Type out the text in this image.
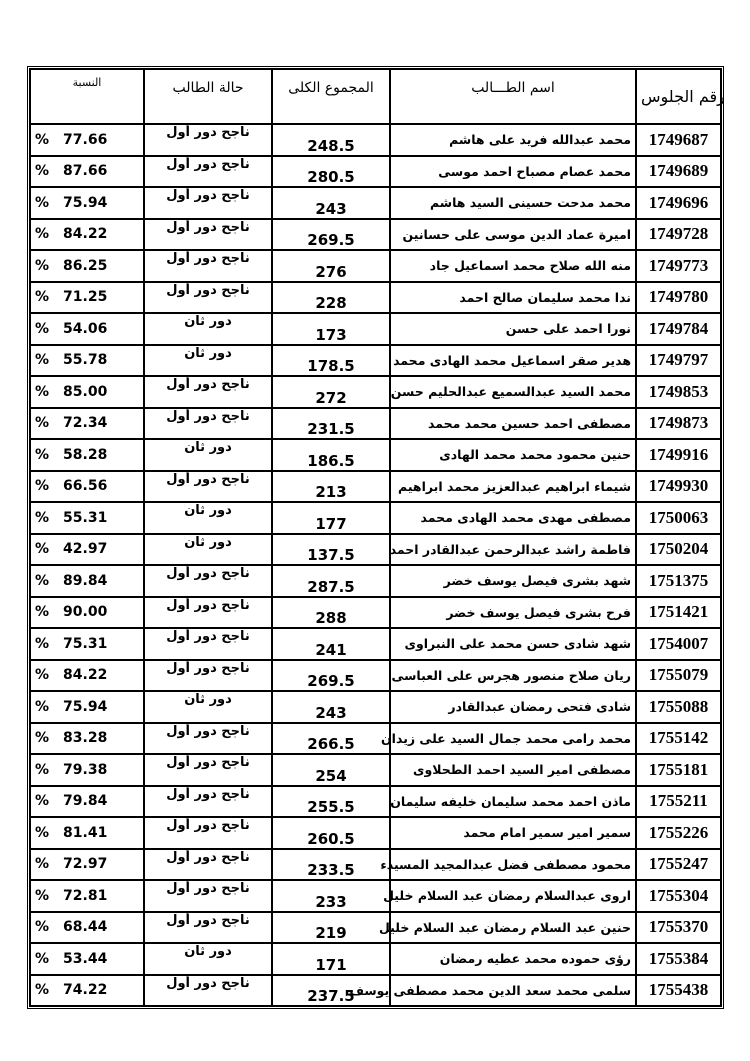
النسبة	حالة الطالب	المجموع الكلى	اسم الطـــالب	رقم الجلوس
% 77.66	ناجح دور أول	248.5	محمد عبدالله فريد على هاشم	1749687
% 87.66	ناجح دور أول	280.5	محمد عصام مصباح احمد موسى	1749689
% 75.94	ناجح دور أول	243	محمد مدحت حسينى السيد هاشم	1749696
% 84.22	ناجح دور أول	269.5	اميرة عماد الدين موسى على حسانين	1749728
% 86.25	ناجح دور أول	276	منه الله صلاح محمد اسماعيل جاد	1749773
% 71.25	ناجح دور أول	228	ندا محمد سليمان صالح احمد	1749780
% 54.06	دور ثان	173	نورا احمد على حسن	1749784
% 55.78	دور ثان	178.5	هدير صقر اسماعيل محمد الهادى محمد	1749797
% 85.00	ناجح دور أول	272	محمد السيد عبدالسميع عبدالحليم حسن	1749853
% 72.34	ناجح دور أول	231.5	مصطفى احمد حسين محمد محمد	1749873
% 58.28	دور ثان	186.5	حنين محمود محمد محمد الهادى	1749916
% 66.56	ناجح دور أول	213	شيماء ابراهيم عبدالعزيز محمد ابراهيم	1749930
% 55.31	دور ثان	177	مصطفى مهدى محمد الهادى محمد	1750063
% 42.97	دور ثان	137.5	فاطمة راشد عبدالرحمن عبدالقادر احمد	1750204
% 89.84	ناجح دور أول	287.5	شهد بشرى فيصل يوسف خضر	1751375
% 90.00	ناجح دور أول	288	فرح بشرى فيصل يوسف خضر	1751421
% 75.31	ناجح دور أول	241	شهد شادى حسن محمد على النبراوى	1754007
% 84.22	ناجح دور أول	269.5	ريان صلاح منصور هجرس على العباسى	1755079
% 75.94	دور ثان	243	شادى فتحى رمضان عبدالقادر	1755088
% 83.28	ناجح دور أول	266.5	محمد رامى محمد جمال السيد على زيدان	1755142
% 79.38	ناجح دور أول	254	مصطفى امير السيد احمد الطحلاوى	1755181
% 79.84	ناجح دور أول	255.5	ماذن احمد محمد سليمان خليفه سليمان	1755211
% 81.41	ناجح دور أول	260.5	سمير امير سمير امام محمد	1755226
% 72.97	ناجح دور أول	233.5	محمود مصطفى فضل عبدالمجيد المسيدء	1755247
% 72.81	ناجح دور أول	233	اروى عبدالسلام رمضان عبد السلام خليل	1755304
% 68.44	ناجح دور أول	219	حنين عبد السلام رمضان عبد السلام خليل	1755370
% 53.44	دور ثان	171	رؤى حموده محمد عطيه رمضان	1755384
% 74.22	ناجح دور أول	237.5	سلمى محمد سعد الدين محمد مصطفى يوسف	1755438
